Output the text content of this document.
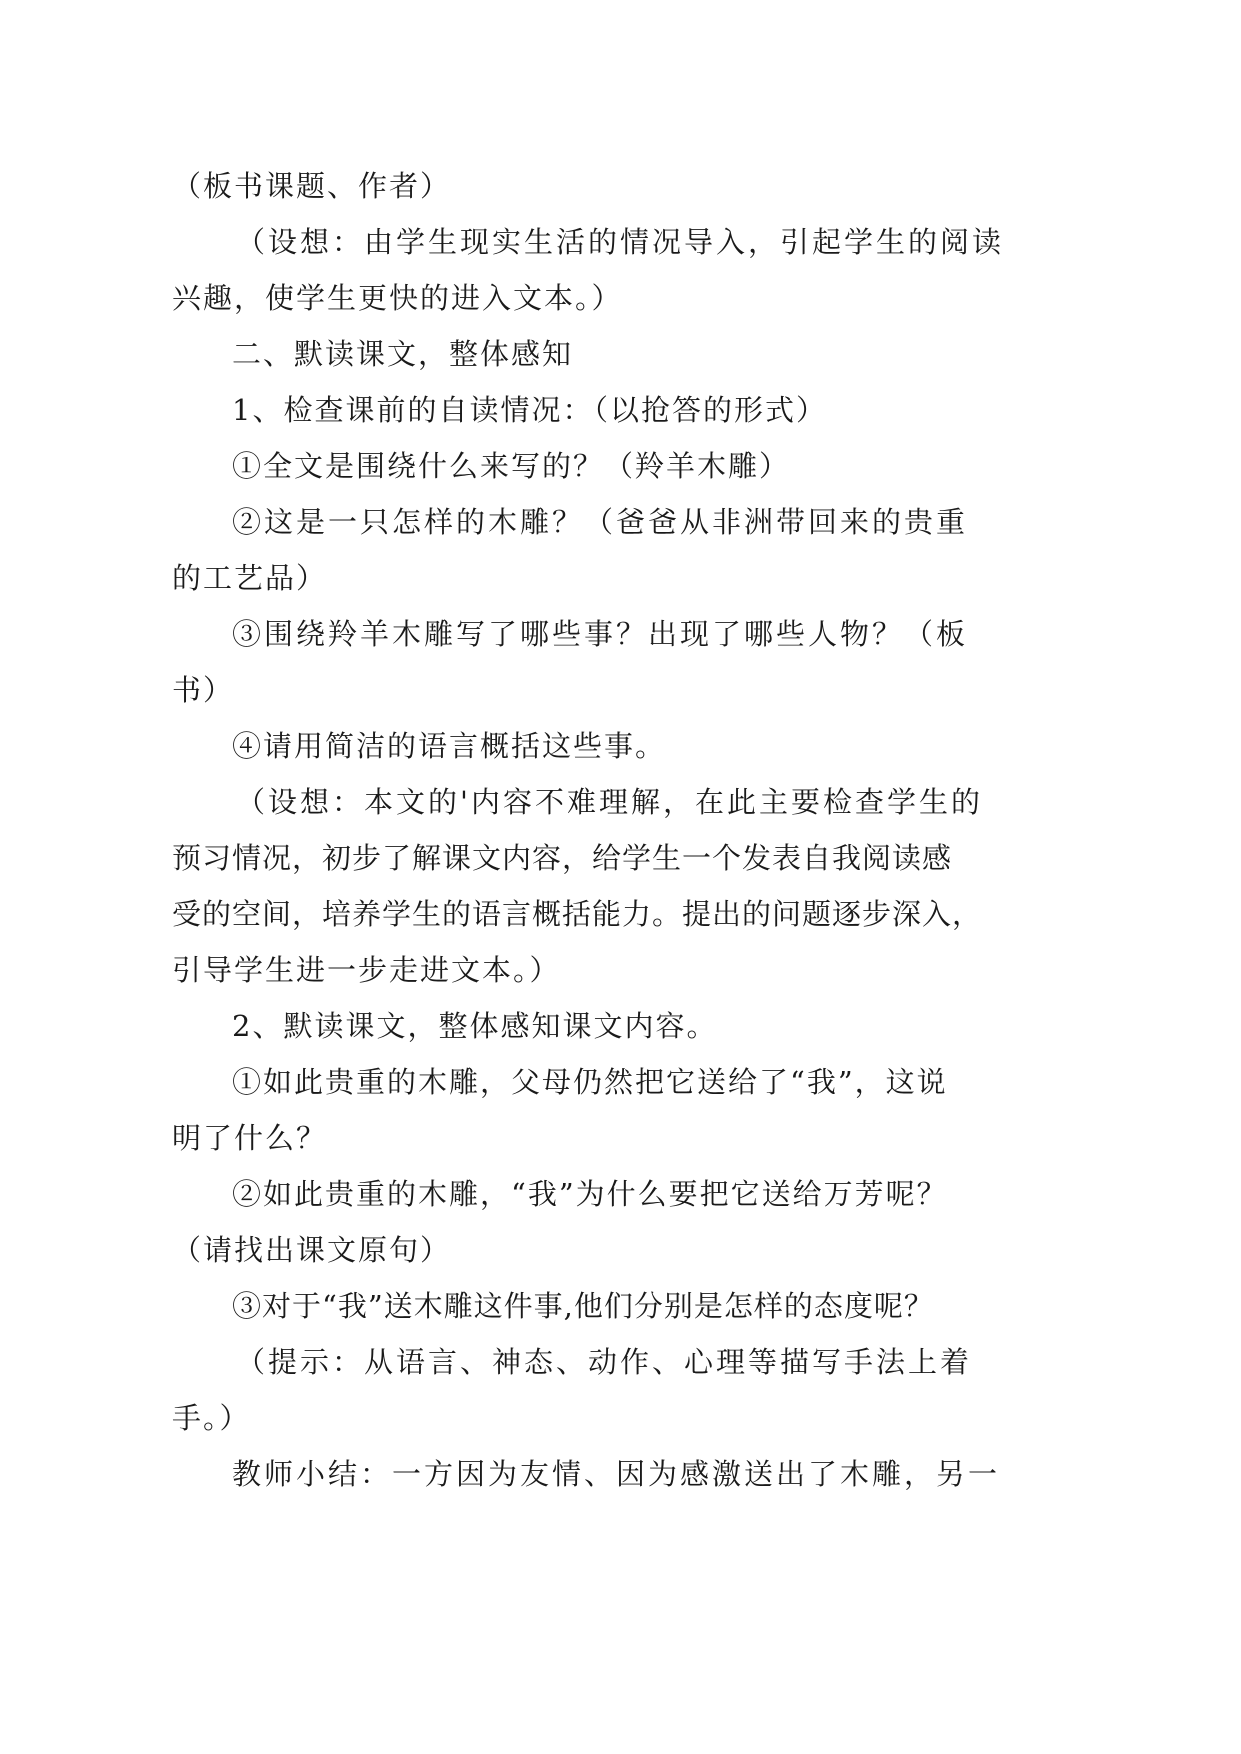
（板书课题、作者）
（设想：由学生现实生活的情况导入，引起学生的阅读
兴趣，使学生更快的进入文本。）
二、默读课文，整体感知
1、检查课前的自读情况：（以抢答的形式）
①全文是围绕什么来写的？（羚羊木雕）
②这是一只怎样的木雕？（爸爸从非洲带回来的贵重
的工艺品）
③围绕羚羊木雕写了哪些事？出现了哪些人物？（板
书）
④请用简洁的语言概括这些事。
（设想：本文的'内容不难理解，在此主要检查学生的
预习情况，初步了解课文内容，给学生一个发表自我阅读感
受的空间，培养学生的语言概括能力。提出的问题逐步深入，
引导学生进一步走进文本。）
2、默读课文，整体感知课文内容。
①如此贵重的木雕，父母仍然把它送给了“我”，这说
明了什么？
②如此贵重的木雕，“我”为什么要把它送给万芳呢？
（请找出课文原句）
③对于“我”送木雕这件事,他们分别是怎样的态度呢？
（提示：从语言、神态、动作、心理等描写手法上着
手。）
教师小结：一方因为友情、因为感激送出了木雕，另一
